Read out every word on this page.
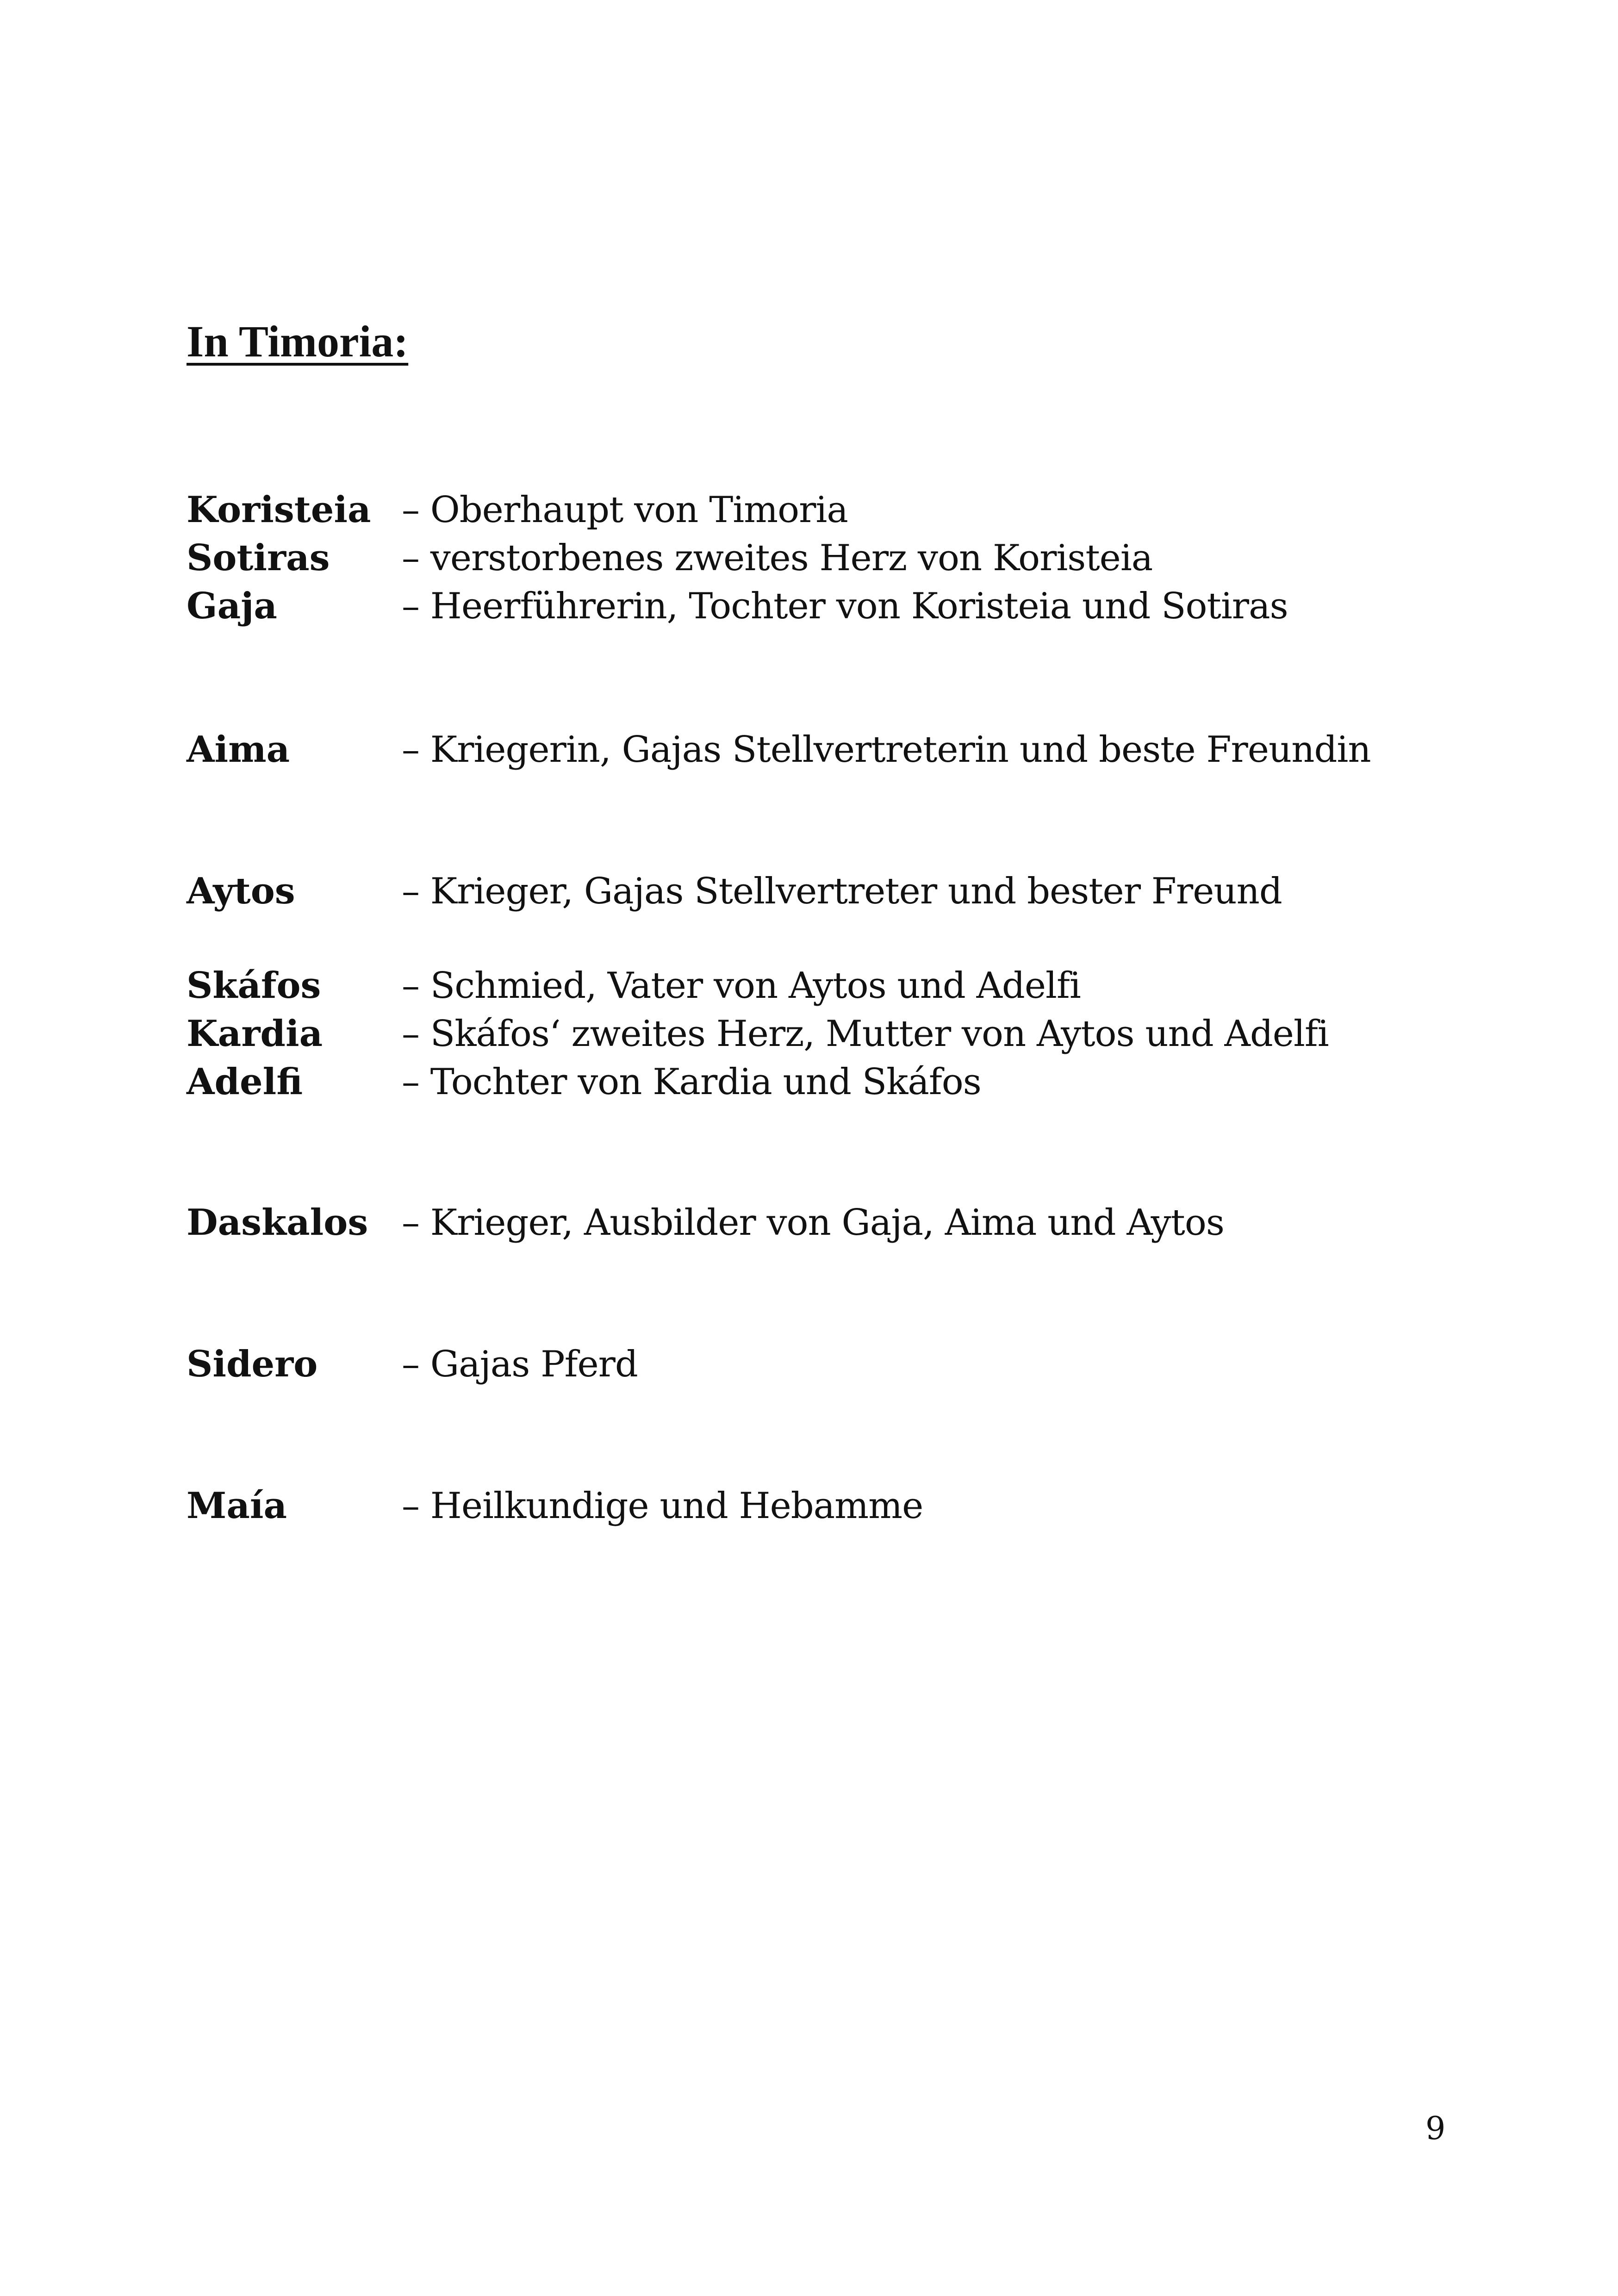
In Timoria:
Koristeia – Oberhaupt von Timoria
Sotiras – verstorbenes zweites Herz von Koristeia
Gaja	– Heerführerin, Tochter von Koristeia und Sotiras
Aima	– Kriegerin, Gajas Stellvertreterin und beste Freundin
Aytos	– Krieger, Gajas Stellvertreter und bester Freund
Skáfos – Schmied, Vater von Aytos und Adelfi
Kardia – Skáfos‘ zweites Herz, Mutter von Aytos und Adelfi
Adelfi	– Tochter von Kardia und Skáfos
Daskalos – Krieger, Ausbilder von Gaja, Aima und Aytos
Sidero – Gajas Pferd
Maía	– Heilkundige und Hebamme
9
